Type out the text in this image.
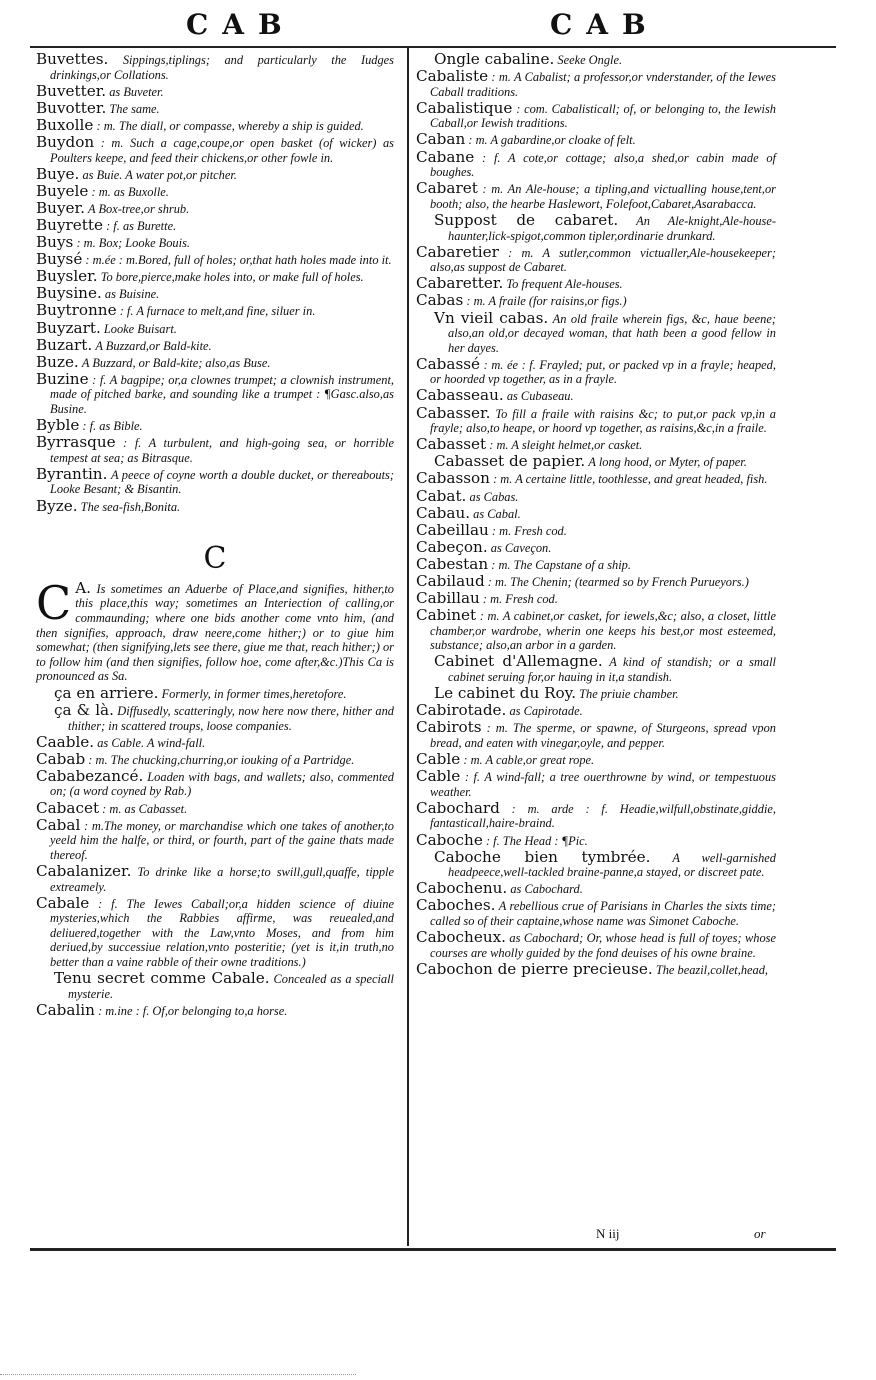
CAB	CAB

Buvettes. Sippings,tiplings; and particularly the Iudges drinkings,or Collations.

Buvetter. as Buveter.

Buvotter. The same.

Buxolle : m. The diall, or compasse, whereby a ship is guided.

Buydon : m. Such a cage,coupe,or open basket (of wicker) as Poulters keepe, and feed their chickens,or other fowle in.

Buye. as Buie. A water pot,or pitcher.

Buyele : m. as Buxolle.

Buyer. A Box-tree,or shrub.

Buyrette : f. as Burette.

Buys : m. Box; Looke Bouis.

Buysé : m.ée : m.Bored, full of holes; or,that hath holes made into it.

Buysler. To bore,pierce,make holes into, or make full of holes.

Buysine. as Buisine.

Buytronne : f. A furnace to melt,and fine, siluer in.

Buyzart. Looke Buisart.

Buzart. A Buzzard,or Bald-kite.

Buze. A Buzzard, or Bald-kite; also,as Buse.

Buzine : f. A bagpipe; or,a clownes trumpet; a clownish instrument, made of pitched barke, and sounding like a trumpet : ¶Gasc.also,as Busine.

Byble : f. as Bible.

Byrrasque : f. A turbulent, and high-going sea, or horrible tempest at sea; as Bitrasque.

Byrantin. A peece of coyne worth a double ducket, or thereabouts; Looke Besant; & Bisantin.

Byze. The sea-fish,Bonita.

C
C A. Is sometimes an Aduerbe of Place,and signifies, hither,to this place,this way; sometimes an Interiection of calling,or commaunding; where one bids another come vnto him, (and then signifies, approach, draw neere,come hither;) or to giue him somewhat; (then signifying,lets see there, giue me that, reach hither;) or to follow him (and then signifies, follow hoe, come after,&c.)This Ca is pronounced as Sa.

ça en arriere. Formerly, in former times,heretofore.

ça & là. Diffusedly, scatteringly, now here now there, hither and thither; in scattered troups, loose companies.

Caable. as Cable. A wind-fall.

Cabab : m. The chucking,churring,or iouking of a Partridge.

Cababezancé. Loaden with bags, and wallets; also, commented on; (a word coyned by Rab.)

Cabacet : m. as Cabasset.

Cabal : m.The money, or marchandise which one takes of another,to yeeld him the halfe, or third, or fourth, part of the gaine thats made thereof.

Cabalanizer. To drinke like a horse;to swill,gull,quaffe, tipple extreamely.

Cabale : f. The Iewes Caball;or,a hidden science of diuine mysteries,which the Rabbies affirme, was reuealed,and deliuered,together with the Law,vnto Moses, and from him deriued,by successiue relation,vnto posteritie; (yet is it,in truth,no better than a vaine rabble of their owne traditions.)

Tenu secret comme Cabale. Concealed as a speciall mysterie.

Cabalin : m.ine : f. Of,or belonging to,a horse.

Ongle cabaline. Seeke Ongle.

Cabaliste : m. A Cabalist; a professor,or vnderstander, of the Iewes Caball traditions.

Cabalistique : com. Cabalisticall; of, or belonging to, the Iewish Caball,or Iewish traditions.

Caban : m. A gabardine,or cloake of felt.

Cabane : f. A cote,or cottage; also,a shed,or cabin made of boughes.

Cabaret : m. An Ale-house; a tipling,and victualling house,tent,or booth; also, the hearbe Haslewort, Folefoot,Cabaret,Asarabacca.

Suppost de cabaret. An Ale-knight,Ale-house-haunter,lick-spigot,common tipler,ordinarie drunkard.

Cabaretier : m. A sutler,common victualler,Ale-housekeeper; also,as suppost de Cabaret.

Cabaretter. To frequent Ale-houses.

Cabas : m. A fraile (for raisins,or figs.)

Vn vieil cabas. An old fraile wherein figs, &c, haue beene; also,an old,or decayed woman, that hath been a good fellow in her dayes.

Cabassé : m. ée : f. Frayled; put, or packed vp in a frayle; heaped, or hoorded vp together, as in a frayle.

Cabasseau. as Cubaseau.

Cabasser. To fill a fraile with raisins &c; to put,or pack vp,in a frayle; also,to heape, or hoord vp together, as raisins,&c,in a fraile.

Cabasset : m. A sleight helmet,or casket.

Cabasset de papier. A long hood, or Myter, of paper.

Cabasson : m. A certaine little, toothlesse, and great headed, fish.

Cabat. as Cabas.

Cabau. as Cabal.

Cabeillau : m. Fresh cod.

Cabeçon. as Caveçon.

Cabestan : m. The Capstane of a ship.

Cabilaud : m. The Chenin; (tearmed so by French Purueyors.)

Cabillau : m. Fresh cod.

Cabinet : m. A cabinet,or casket, for iewels,&c; also, a closet, little chamber,or wardrobe, wherin one keeps his best,or most esteemed, substance; also,an arbor in a garden.

Cabinet d'Allemagne. A kind of standish; or a small cabinet seruing for,or hauing in it,a standish.

Le cabinet du Roy. The priuie chamber.

Cabirotade. as Capirotade.

Cabirots : m. The sperme, or spawne, of Sturgeons, spread vpon bread, and eaten with vinegar,oyle, and pepper.

Cable : m. A cable,or great rope.

Cable : f. A wind-fall; a tree ouerthrowne by wind, or tempestuous weather.

Cabochard : m. arde : f. Headie,wilfull,obstinate,giddie, fantasticall,haire-braind.

Caboche : f. The Head : ¶Pic.

Caboche bien tymbrée. A well-garnished headpeece,well-tackled braine-panne,a stayed, or discreet pate.

Cabochenu. as Cabochard.

Caboches. A rebellious crue of Parisians in Charles the sixts time; called so of their captaine,whose name was Simonet Caboche.

Cabocheux. as Cabochard; Or, whose head is full of toyes; whose courses are wholly guided by the fond deuises of his owne braine.

Cabochon de pierre precieuse. The beazil,collet,head,

N iij	or
